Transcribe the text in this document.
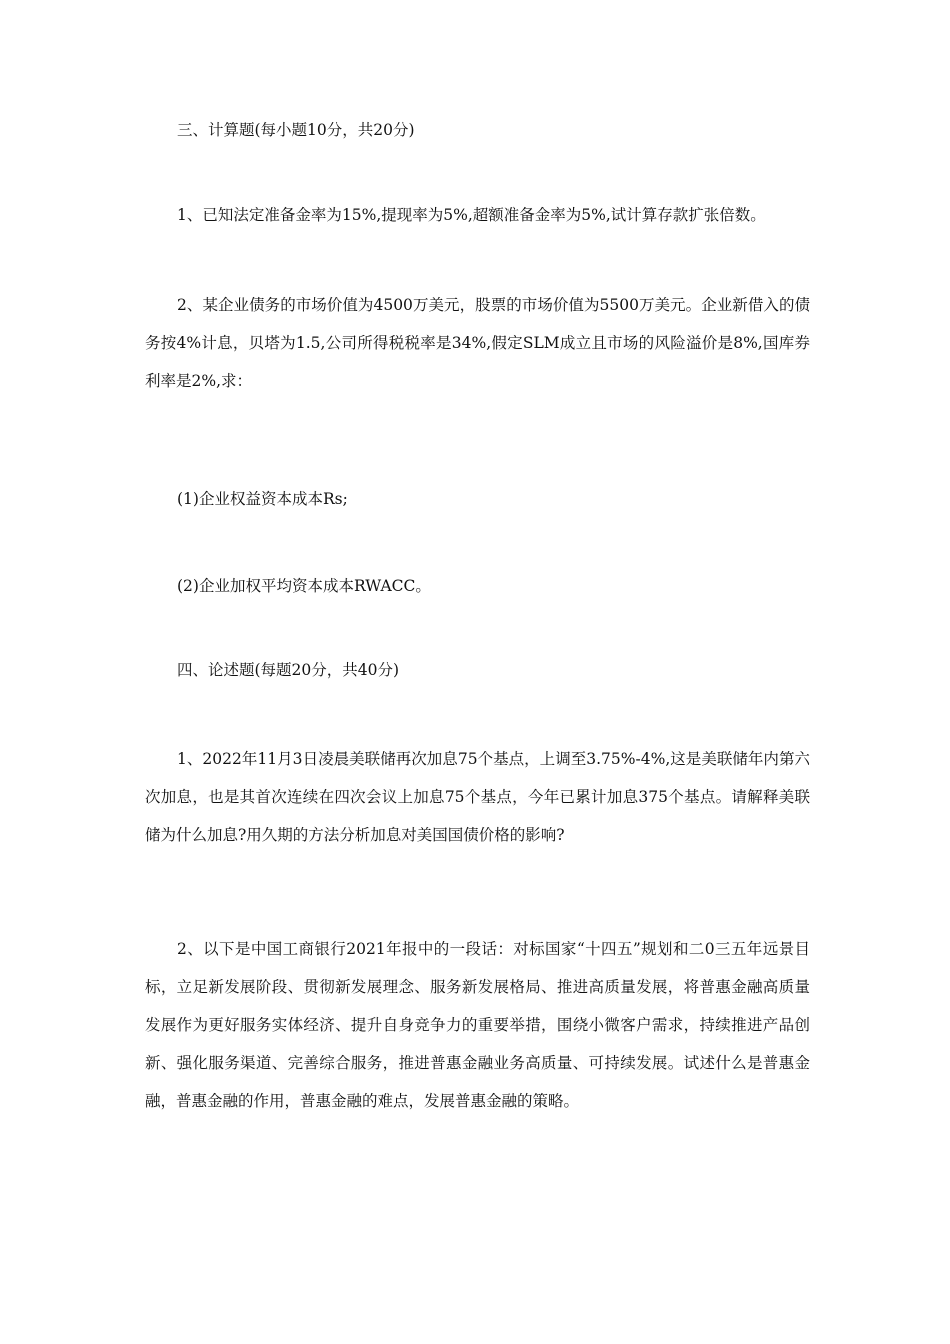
三、计算题(每小题10分，共20分)

1、已知法定准备金率为15%,提现率为5%,超额准备金率为5%,试计算存款扩张倍数。

2、某企业债务的市场价值为4500万美元，股票的市场价值为5500万美元。企业新借入的债务按4%计息，贝塔为1.5,公司所得税税率是34%,假定SLM成立且市场的风险溢价是8%,国库券利率是2%,求：

(1)企业权益资本成本Rs;

(2)企业加权平均资本成本RWACC。

四、论述题(每题20分，共40分)

1、2022年11月3日凌晨美联储再次加息75个基点，上调至3.75%-4%,这是美联储年内第六次加息，也是其首次连续在四次会议上加息75个基点，今年已累计加息375个基点。请解释美联储为什么加息?用久期的方法分析加息对美国国债价格的影响?

2、以下是中国工商银行2021年报中的一段话：对标国家“十四五”规划和二0三五年远景目标，立足新发展阶段、贯彻新发展理念、服务新发展格局、推进高质量发展，将普惠金融高质量发展作为更好服务实体经济、提升自身竞争力的重要举措，围绕小微客户需求，持续推进产品创新、强化服务渠道、完善综合服务，推进普惠金融业务高质量、可持续发展。试述什么是普惠金融，普惠金融的作用，普惠金融的难点，发展普惠金融的策略。
